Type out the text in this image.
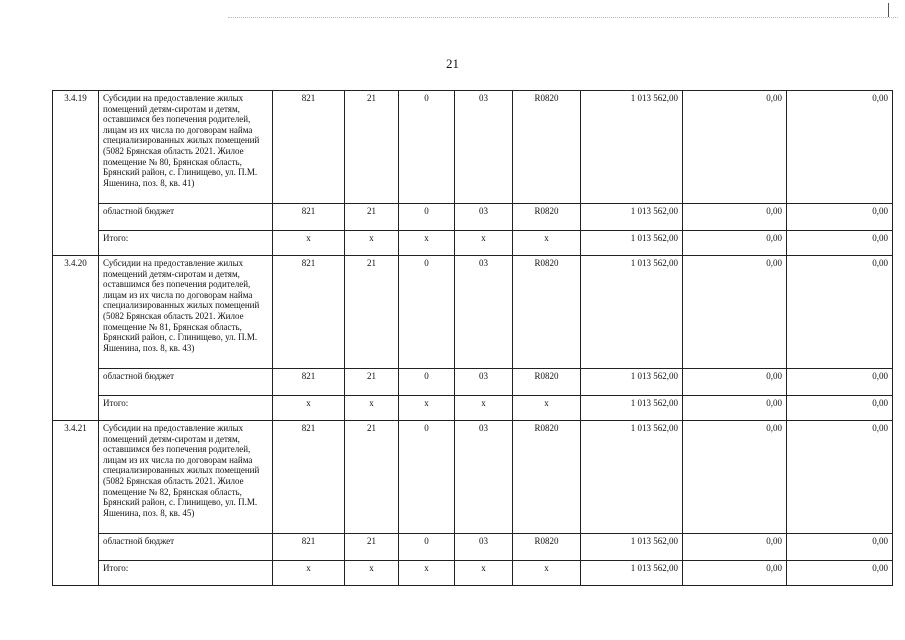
21
3.4.19	Субсидии на предоставление жилых помещений детям-сиротам и детям, оставшимся без попечения родителей, лицам из их числа по договорам найма специализированных жилых помещений (5082 Брянская область 2021. Жилое помещение № 80, Брянская область, Брянский район, с. Глинищево, ул. П.М. Яшенина, поз. 8, кв. 41)	821	21	0	03	R0820	1 013 562,00	0,00	0,00
	областной бюджет	821	21	0	03	R0820	1 013 562,00	0,00	0,00
	Итого:	x	x	x	x	x	1 013 562,00	0,00	0,00
3.4.20	Субсидии на предоставление жилых помещений детям-сиротам и детям, оставшимся без попечения родителей, лицам из их числа по договорам найма специализированных жилых помещений (5082 Брянская область 2021. Жилое помещение № 81, Брянская область, Брянский район, с. Глинищево, ул. П.М. Яшенина, поз. 8, кв. 43)	821	21	0	03	R0820	1 013 562,00	0,00	0,00
	областной бюджет	821	21	0	03	R0820	1 013 562,00	0,00	0,00
	Итого:	x	x	x	x	x	1 013 562,00	0,00	0,00
3.4.21	Субсидии на предоставление жилых помещений детям-сиротам и детям, оставшимся без попечения родителей, лицам из их числа по договорам найма специализированных жилых помещений (5082 Брянская область 2021. Жилое помещение № 82, Брянская область, Брянский район, с. Глинищево, ул. П.М. Яшенина, поз. 8, кв. 45)	821	21	0	03	R0820	1 013 562,00	0,00	0,00
	областной бюджет	821	21	0	03	R0820	1 013 562,00	0,00	0,00
	Итого:	x	x	x	x	x	1 013 562,00	0,00	0,00
